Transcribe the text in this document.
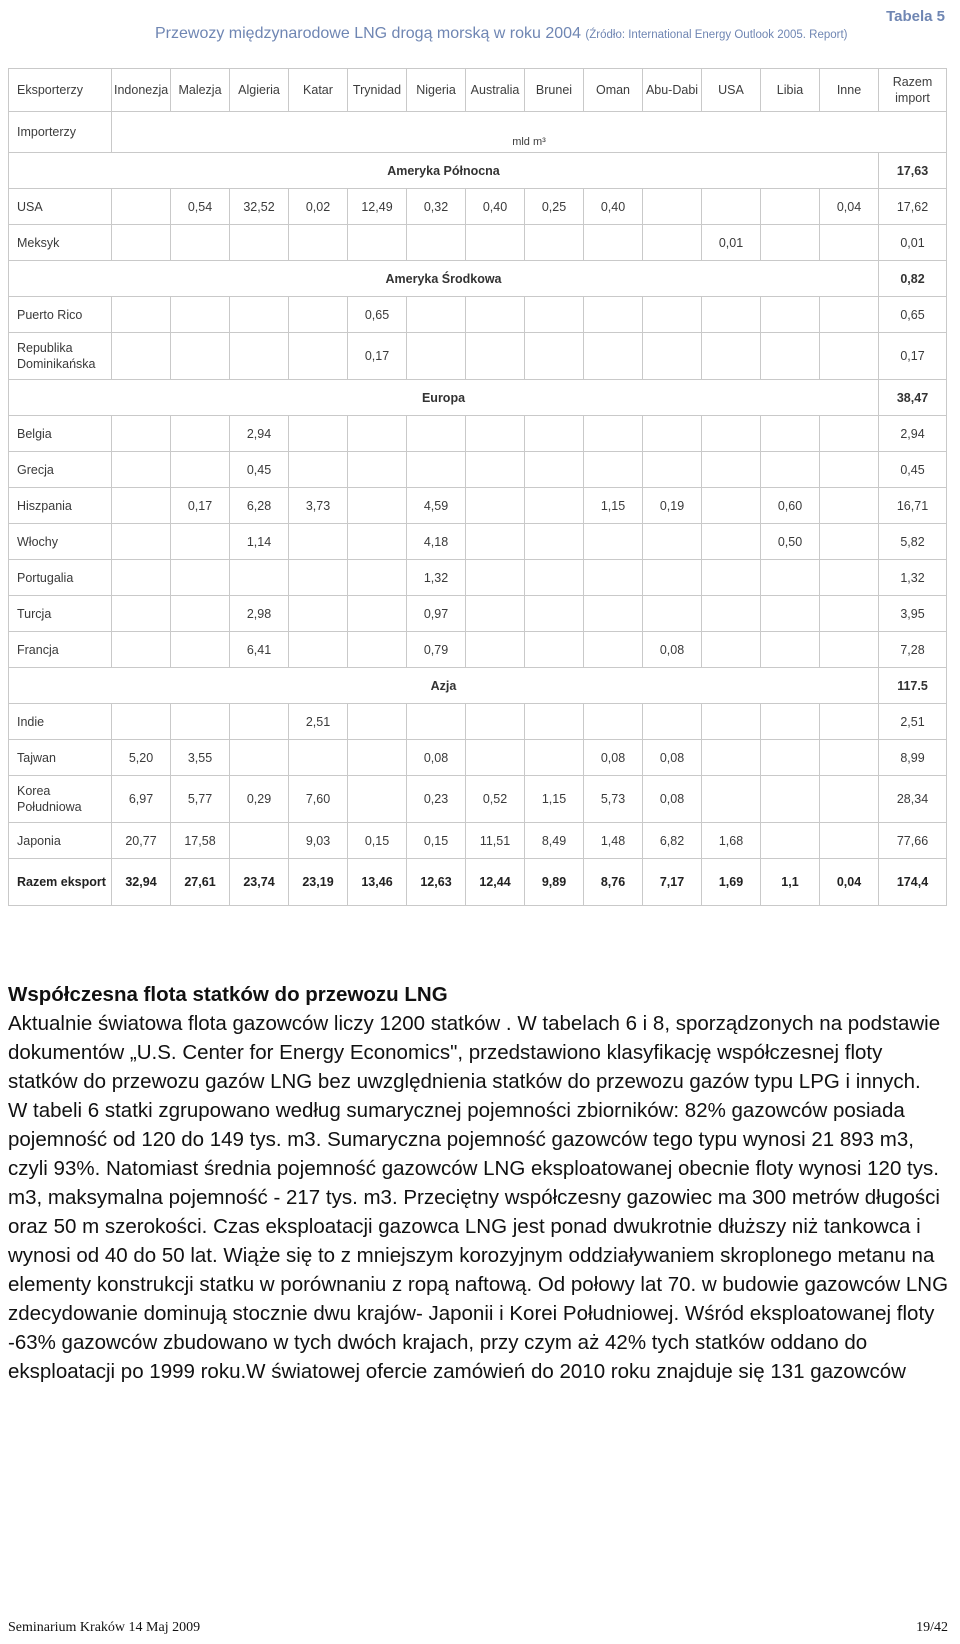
Przewozy międzynarodowe LNG drogą morską w roku 2004 (Źródło: International Energy Outlook 2005. Report)
Tabela 5
Eksporterzy	Indonezja	Malezja	Algieria	Katar	Trynidad	Nigeria	Australia	Brunei	Oman	Abu-Dabi	USA	Libia	Inne	Razem import
Importerzy	mld m³													
Ameryka Północna														17,63
USA		0,54	32,52	0,02	12,49	0,32	0,40	0,25	0,40				0,04	17,62
Meksyk											0,01			0,01
Ameryka Środkowa														0,82
Puerto Rico					0,65									0,65
Republika Dominikańska					0,17									0,17
Europa														38,47
Belgia			2,94											2,94
Grecja			0,45											0,45
Hiszpania		0,17	6,28	3,73		4,59			1,15	0,19		0,60		16,71
Włochy			1,14			4,18						0,50		5,82
Portugalia						1,32								1,32
Turcja			2,98			0,97								3,95
Francja			6,41			0,79				0,08				7,28
Azja														117.5
Indie				2,51										2,51
Tajwan	5,20	3,55				0,08			0,08	0,08				8,99
Korea Południowa	6,97	5,77	0,29	7,60		0,23	0,52	1,15	5,73	0,08				28,34
Japonia	20,77	17,58		9,03	0,15	0,15	11,51	8,49	1,48	6,82	1,68			77,66
Razem eksport	32,94	27,61	23,74	23,19	13,46	12,63	12,44	9,89	8,76	7,17	1,69	1,1	0,04	174,4
Współczesna flota statków do przewozu LNG
Aktualnie światowa flota gazowców liczy 1200 statków . W tabelach 6 i 8, sporządzonych na podstawie dokumentów „U.S. Center for Energy Economics", przedstawiono klasyfikację współczesnej floty statków do przewozu gazów LNG bez uwzględnienia statków do przewozu gazów typu LPG i innych.
W tabeli 6 statki zgrupowano według sumarycznej pojemności zbiorników: 82% gazowców posiada pojemność od 120 do 149 tys. m3. Sumaryczna pojemność gazowców tego typu wynosi 21 893 m3, czyli 93%. Natomiast średnia pojemność gazowców LNG eksploatowanej obecnie floty wynosi 120 tys. m3, maksymalna pojemność - 217 tys. m3. Przeciętny współczesny gazowiec ma 300 metrów długości oraz 50 m szerokości. Czas eksploatacji gazowca LNG jest ponad dwukrotnie dłuższy niż tankowca i wynosi od 40 do 50 lat. Wiąże się to z mniejszym korozyjnym oddziaływaniem skroplonego metanu na elementy konstrukcji statku w porównaniu z ropą naftową. Od połowy lat 70. w budowie gazowców LNG zdecydowanie dominują stocznie dwu krajów- Japonii i Korei Południowej. Wśród eksploatowanej floty -63% gazowców zbudowano w tych dwóch krajach, przy czym aż 42% tych statków oddano do eksploatacji po 1999 roku.W światowej ofercie zamówień do 2010 roku znajduje się 131 gazowców
Seminarium Kraków 14 Maj 2009	19/42
